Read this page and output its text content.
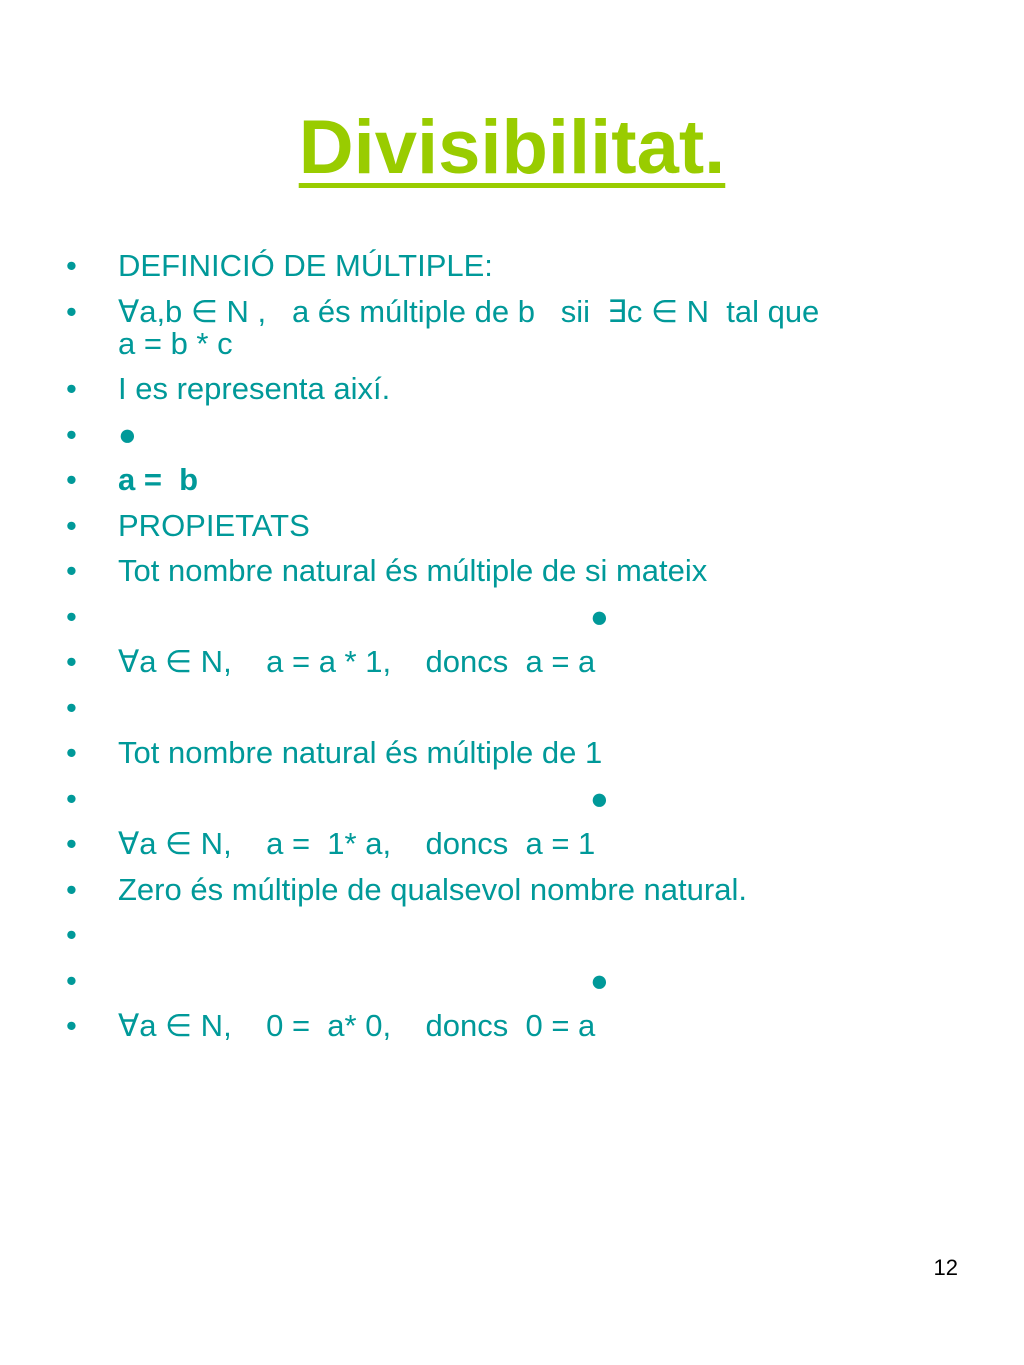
Divisibilitat.
• DEFINICIÓ DE MÚLTIPLE:
• ∀a,b ∈ N ,   a és múltiple de b   sii  ∃c ∈ N  tal que
a = b * c
• I es representa així.
• ●
• a =  b
• PROPIETATS
• Tot nombre natural és múltiple de si mateix
•	●
• ∀a ∈ N,    a = a * 1,    doncs  a = a
•
• Tot nombre natural és múltiple de 1
•	●
• ∀a ∈ N,    a =  1* a,    doncs  a = 1
• Zero és múltiple de qualsevol nombre natural.
•
•	●
• ∀a ∈ N,    0 =  a* 0,    doncs  0 = a
12
